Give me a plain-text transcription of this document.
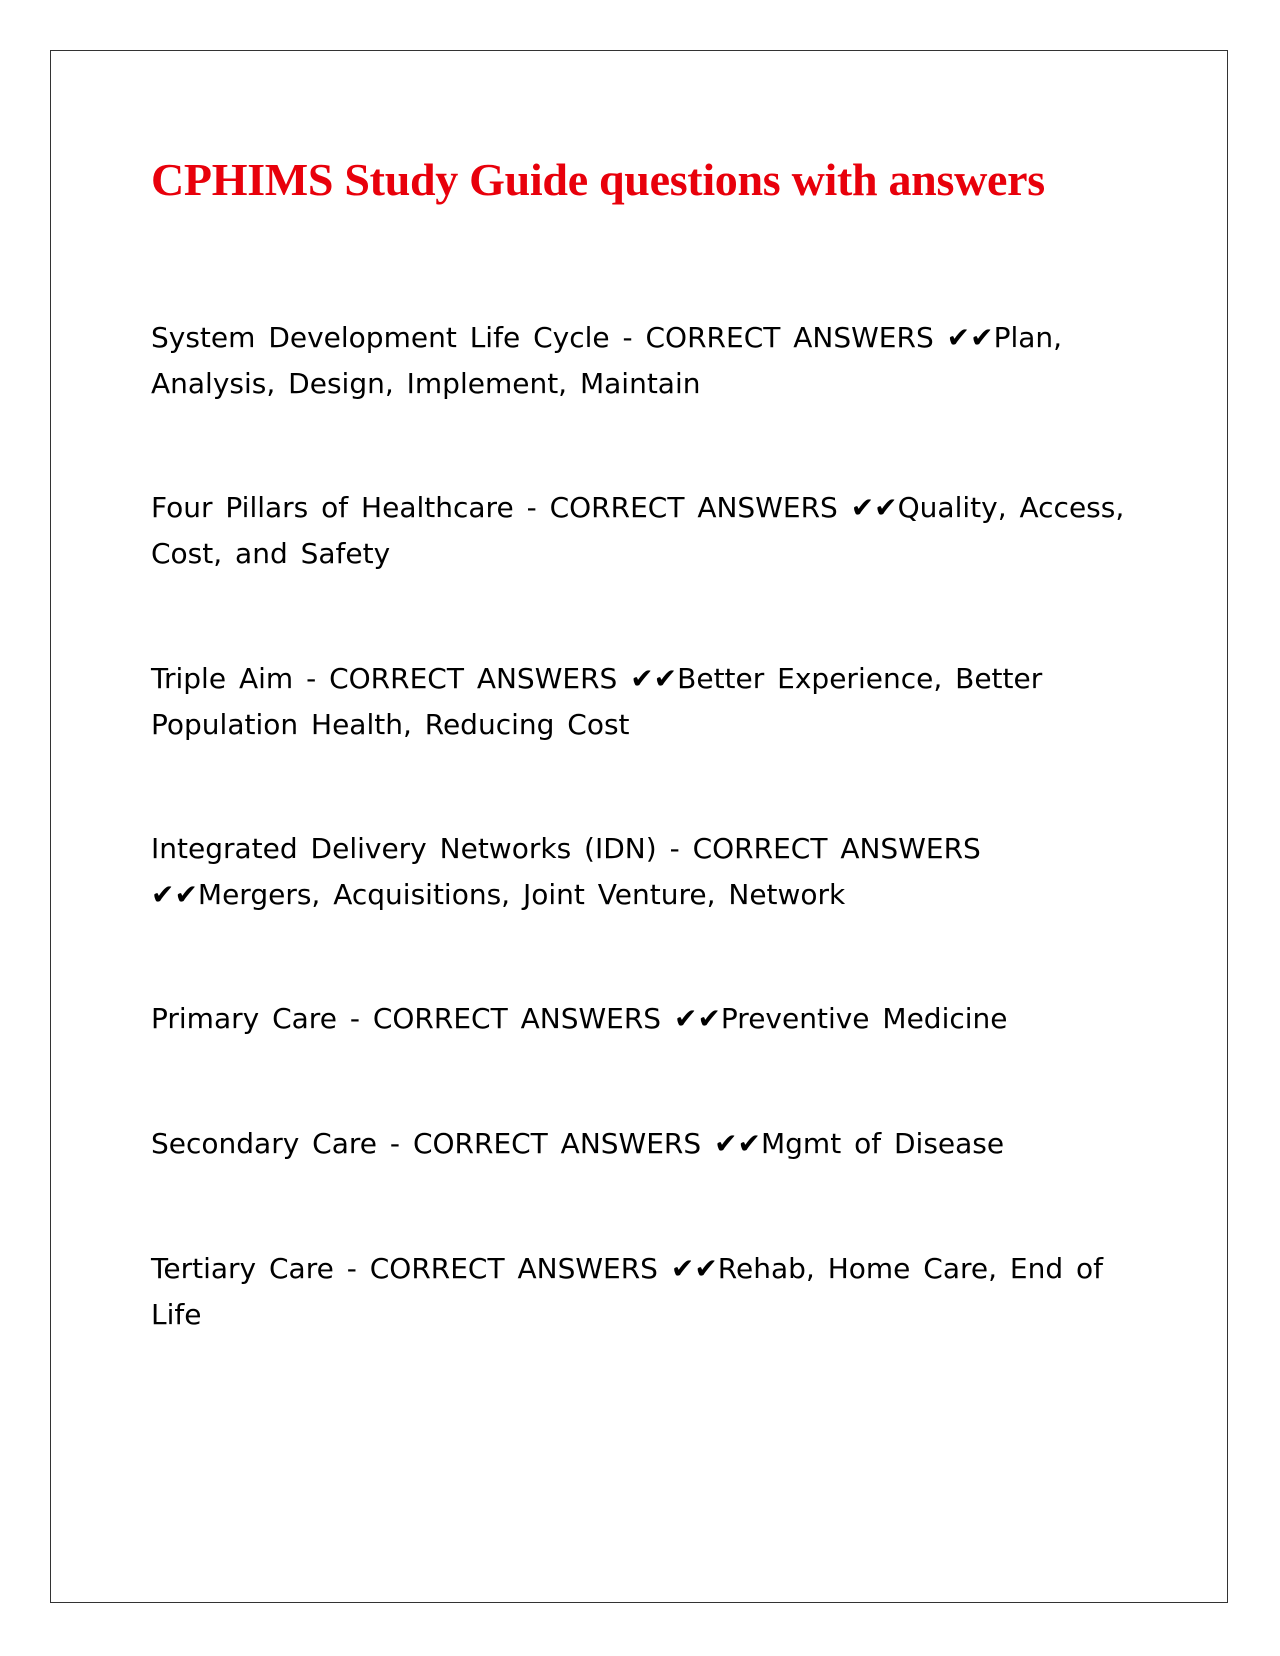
CPHIMS Study Guide questions with answers
System Development Life Cycle - CORRECT ANSWERS ✔✔Plan, Analysis, Design, Implement, Maintain
Four Pillars of Healthcare - CORRECT ANSWERS ✔✔Quality, Access, Cost, and Safety
Triple Aim - CORRECT ANSWERS ✔✔Better Experience, Better Population Health, Reducing Cost
Integrated Delivery Networks (IDN) - CORRECT ANSWERS ✔✔Mergers, Acquisitions, Joint Venture, Network
Primary Care - CORRECT ANSWERS ✔✔Preventive Medicine
Secondary Care - CORRECT ANSWERS ✔✔Mgmt of Disease
Tertiary Care - CORRECT ANSWERS ✔✔Rehab, Home Care, End of Life
